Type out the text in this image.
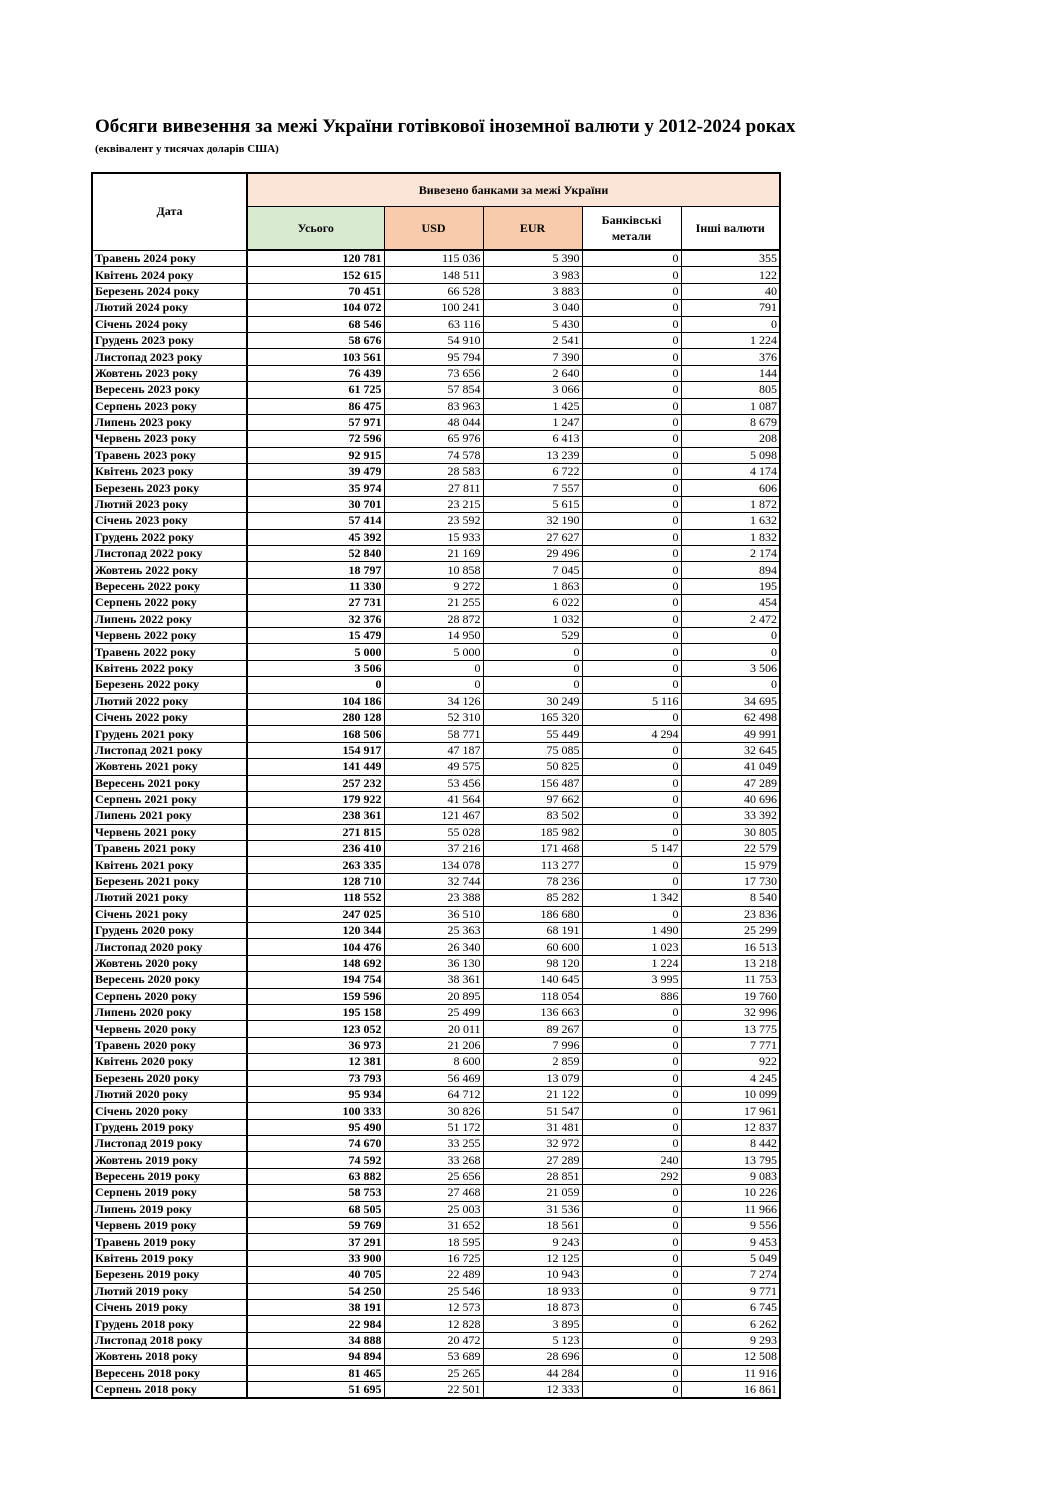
Обсяги вивезення за межі України готівкової іноземної валюти у 2012-2024 роках
(еквівалент у тисячах доларів США)
Дата	Вивезено банками за межі України				
	Усього	USD	EUR	Банківські метали	Інші валюти
Травень 2024 року	120 781	115 036	5 390	0	355
Квітень 2024 року	152 615	148 511	3 983	0	122
Березень 2024 року	70 451	66 528	3 883	0	40
Лютий 2024 року	104 072	100 241	3 040	0	791
Січень 2024 року	68 546	63 116	5 430	0	0
Грудень 2023 року	58 676	54 910	2 541	0	1 224
Листопад 2023 року	103 561	95 794	7 390	0	376
Жовтень 2023 року	76 439	73 656	2 640	0	144
Вересень 2023 року	61 725	57 854	3 066	0	805
Серпень 2023 року	86 475	83 963	1 425	0	1 087
Липень 2023 року	57 971	48 044	1 247	0	8 679
Червень 2023 року	72 596	65 976	6 413	0	208
Травень 2023 року	92 915	74 578	13 239	0	5 098
Квітень 2023 року	39 479	28 583	6 722	0	4 174
Березень 2023 року	35 974	27 811	7 557	0	606
Лютий 2023 року	30 701	23 215	5 615	0	1 872
Січень 2023 року	57 414	23 592	32 190	0	1 632
Грудень 2022 року	45 392	15 933	27 627	0	1 832
Листопад 2022 року	52 840	21 169	29 496	0	2 174
Жовтень 2022 року	18 797	10 858	7 045	0	894
Вересень 2022 року	11 330	9 272	1 863	0	195
Серпень 2022 року	27 731	21 255	6 022	0	454
Липень 2022 року	32 376	28 872	1 032	0	2 472
Червень 2022 року	15 479	14 950	529	0	0
Травень 2022 року	5 000	5 000	0	0	0
Квітень 2022 року	3 506	0	0	0	3 506
Березень 2022 року	0	0	0	0	0
Лютий 2022 року	104 186	34 126	30 249	5 116	34 695
Січень 2022 року	280 128	52 310	165 320	0	62 498
Грудень 2021 року	168 506	58 771	55 449	4 294	49 991
Листопад 2021 року	154 917	47 187	75 085	0	32 645
Жовтень 2021 року	141 449	49 575	50 825	0	41 049
Вересень 2021 року	257 232	53 456	156 487	0	47 289
Серпень 2021 року	179 922	41 564	97 662	0	40 696
Липень 2021 року	238 361	121 467	83 502	0	33 392
Червень 2021 року	271 815	55 028	185 982	0	30 805
Травень 2021 року	236 410	37 216	171 468	5 147	22 579
Квітень 2021 року	263 335	134 078	113 277	0	15 979
Березень 2021 року	128 710	32 744	78 236	0	17 730
Лютий 2021 року	118 552	23 388	85 282	1 342	8 540
Січень 2021 року	247 025	36 510	186 680	0	23 836
Грудень 2020 року	120 344	25 363	68 191	1 490	25 299
Листопад 2020 року	104 476	26 340	60 600	1 023	16 513
Жовтень 2020 року	148 692	36 130	98 120	1 224	13 218
Вересень 2020 року	194 754	38 361	140 645	3 995	11 753
Серпень 2020 року	159 596	20 895	118 054	886	19 760
Липень 2020 року	195 158	25 499	136 663	0	32 996
Червень 2020 року	123 052	20 011	89 267	0	13 775
Травень 2020 року	36 973	21 206	7 996	0	7 771
Квітень 2020 року	12 381	8 600	2 859	0	922
Березень 2020 року	73 793	56 469	13 079	0	4 245
Лютий 2020 року	95 934	64 712	21 122	0	10 099
Січень 2020 року	100 333	30 826	51 547	0	17 961
Грудень 2019 року	95 490	51 172	31 481	0	12 837
Листопад 2019 року	74 670	33 255	32 972	0	8 442
Жовтень 2019 року	74 592	33 268	27 289	240	13 795
Вересень 2019 року	63 882	25 656	28 851	292	9 083
Серпень 2019 року	58 753	27 468	21 059	0	10 226
Липень 2019 року	68 505	25 003	31 536	0	11 966
Червень 2019 року	59 769	31 652	18 561	0	9 556
Травень 2019 року	37 291	18 595	9 243	0	9 453
Квітень 2019 року	33 900	16 725	12 125	0	5 049
Березень 2019 року	40 705	22 489	10 943	0	7 274
Лютий 2019 року	54 250	25 546	18 933	0	9 771
Січень 2019 року	38 191	12 573	18 873	0	6 745
Грудень 2018 року	22 984	12 828	3 895	0	6 262
Листопад 2018 року	34 888	20 472	5 123	0	9 293
Жовтень 2018 року	94 894	53 689	28 696	0	12 508
Вересень 2018 року	81 465	25 265	44 284	0	11 916
Серпень 2018 року	51 695	22 501	12 333	0	16 861
